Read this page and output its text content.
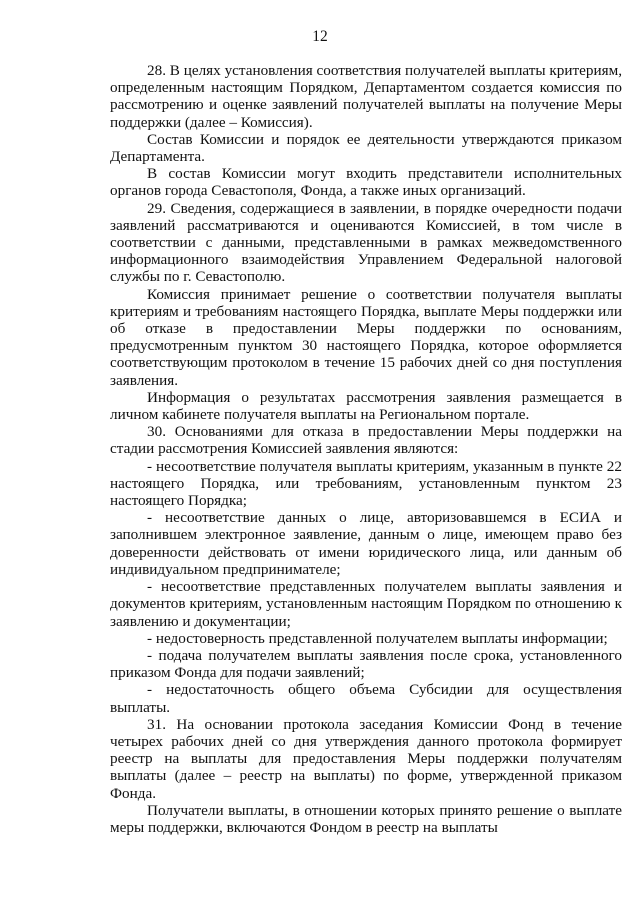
12

28. В целях установления соответствия получателей выплаты критериям, определенным настоящим Порядком, Департаментом создается комиссия по рассмотрению и оценке заявлений получателей выплаты на получение Меры поддержки (далее – Комиссия).

Состав Комиссии и порядок ее деятельности утверждаются приказом Департамента.

В состав Комиссии могут входить представители исполнительных органов города Севастополя, Фонда, а также иных организаций.

29. Сведения, содержащиеся в заявлении, в порядке очередности подачи заявлений рассматриваются и оцениваются Комиссией, в том числе в соответствии с данными, представленными в рамках межведомственного информационного взаимодействия Управлением Федеральной налоговой службы по г. Севастополю.

Комиссия принимает решение о соответствии получателя выплаты критериям и требованиям настоящего Порядка, выплате Меры поддержки или об отказе в предоставлении Меры поддержки по основаниям, предусмотренным пунктом 30 настоящего Порядка, которое оформляется соответствующим протоколом в течение 15 рабочих дней со дня поступления заявления.

Информация о результатах рассмотрения заявления размещается в личном кабинете получателя выплаты на Региональном портале.

30. Основаниями для отказа в предоставлении Меры поддержки на стадии рассмотрения Комиссией заявления являются:

- несоответствие получателя выплаты критериям, указанным в пункте 22 настоящего Порядка, или требованиям, установленным пунктом 23 настоящего Порядка;

- несоответствие данных о лице, авторизовавшемся в ЕСИА и заполнившем электронное заявление, данным о лице, имеющем право без доверенности действовать от имени юридического лица, или данным об индивидуальном предпринимателе;

- несоответствие представленных получателем выплаты заявления и документов критериям, установленным настоящим Порядком по отношению к заявлению и документации;

- недостоверность представленной получателем выплаты информации;

- подача получателем выплаты заявления после срока, установленного приказом Фонда для подачи заявлений;

- недостаточность общего объема Субсидии для осуществления выплаты.

31. На основании протокола заседания Комиссии Фонд в течение четырех рабочих дней со дня утверждения данного протокола формирует реестр на выплаты для предоставления Меры поддержки получателям выплаты (далее – реестр на выплаты) по форме, утвержденной приказом Фонда.

Получатели выплаты, в отношении которых принято решение о выплате меры поддержки, включаются Фондом в реестр на выплаты
